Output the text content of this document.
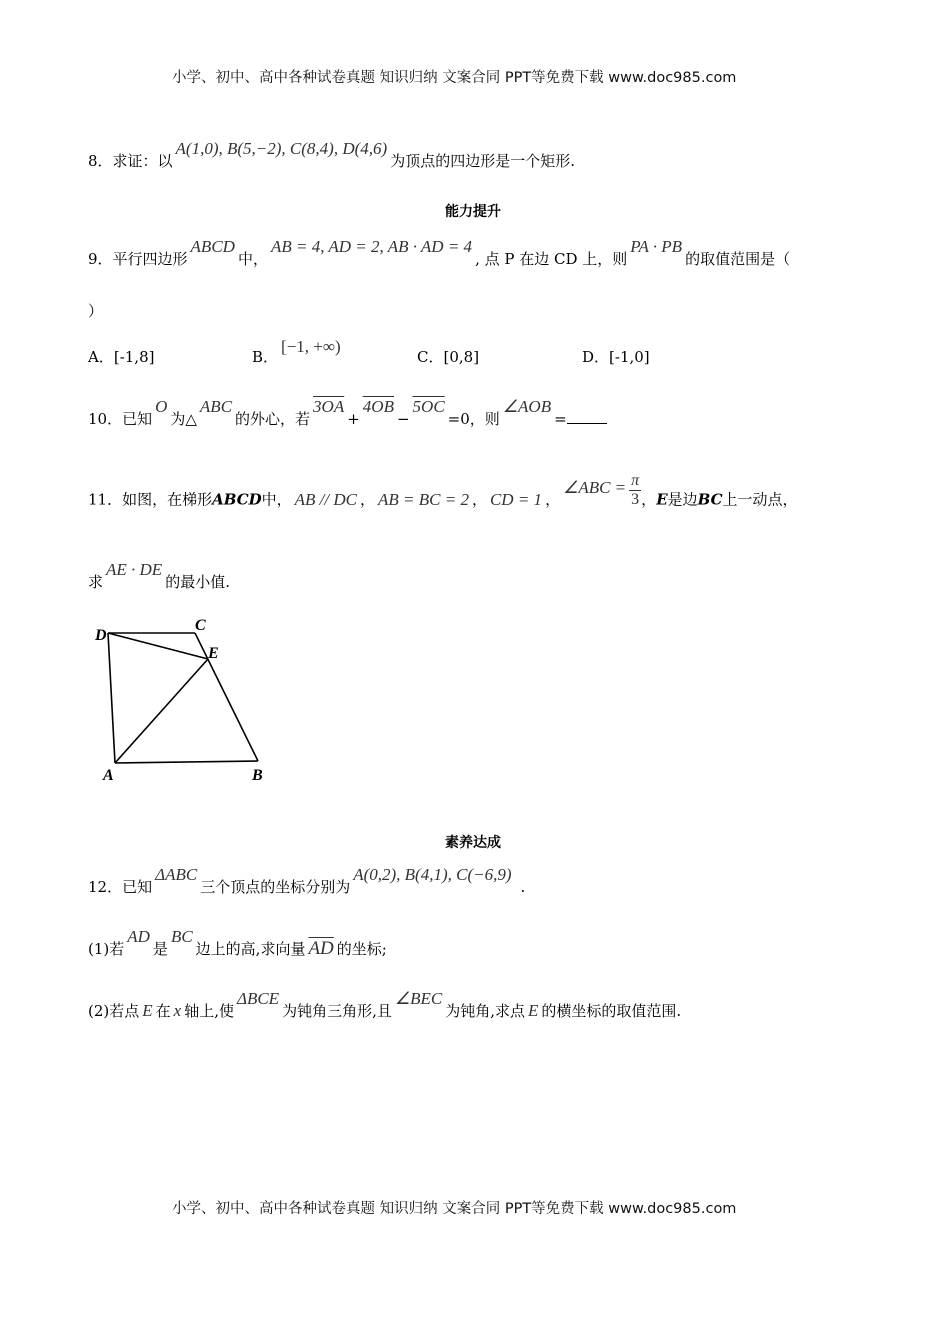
小学、初中、高中各种试卷真题 知识归纳 文案合同 PPT等免费下载 www.doc985.com
8．求证：以A(1,0), B(5,−2), C(8,4), D(4,6)为顶点的四边形是一个矩形.
能力提升
9．平行四边形ABCD中，AB = 4, AD = 2, AB · AD = 4, 点 P 在边 CD 上，则PA · PB的取值范围是（
）
A．[-1,8]	B．[−1, +∞)
C．[0,8]	D．[-1,0]
10．已知O为△ABC的外心，若3OA+4OB−5OC=0，则∠AOB=
11．如图，在梯形ABCD中， AB // DC ， AB = BC = 2 ， CD = 1 ，∠ABC = $\frac{\pi}{3}$ ，E是边BC上一动点，
求AE · DE的最小值.
D
C
E
A	B
素养达成
12．已知ΔABC三个顶点的坐标分别为A(0,2), B(4,1), C(−6,9).
(1)若AD是BC边上的高,求向量 $\overline{AD}$ 的坐标;
(2)若点 E 在 x 轴上,使ΔBCE为钝角三角形,且∠BEC为钝角,求点 E 的横坐标的取值范围.
小学、初中、高中各种试卷真题 知识归纳 文案合同 PPT等免费下载 www.doc985.com
